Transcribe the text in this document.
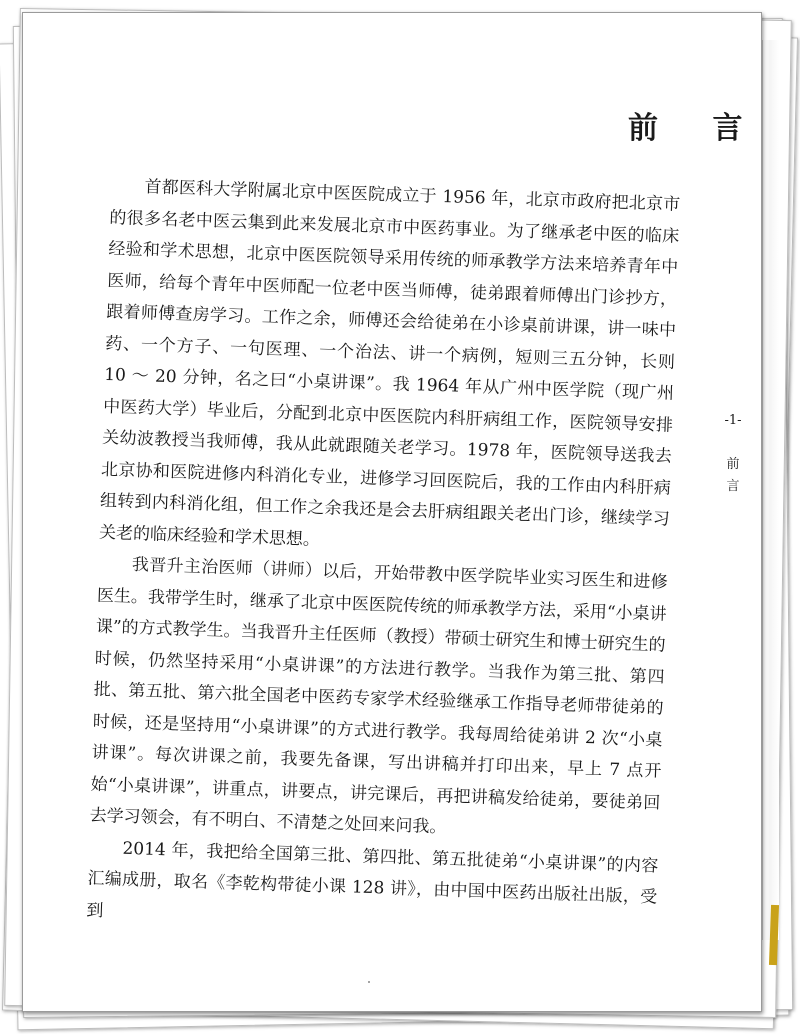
前 言

首都医科大学附属北京中医医院成立于 1956 年，北京市政府把北京市的很多名老中医云集到此来发展北京市中医药事业。为了继承老中医的临床经验和学术思想，北京中医医院领导采用传统的师承教学方法来培养青年中医师，给每个青年中医师配一位老中医当师傅，徒弟跟着师傅出门诊抄方，跟着师傅查房学习。工作之余，师傅还会给徒弟在小诊桌前讲课，讲一味中药、一个方子、一句医理、一个治法、讲一个病例，短则三五分钟，长则 10 ～ 20 分钟，名之曰“小桌讲课”。我 1964 年从广州中医学院（现广州中医药大学）毕业后，分配到北京中医医院内科肝病组工作，医院领导安排关幼波教授当我师傅，我从此就跟随关老学习。1978 年，医院领导送我去北京协和医院进修内科消化专业，进修学习回医院后，我的工作由内科肝病组转到内科消化组，但工作之余我还是会去肝病组跟关老出门诊，继续学习关老的临床经验和学术思想。

我晋升主治医师（讲师）以后，开始带教中医学院毕业实习医生和进修医生。我带学生时，继承了北京中医医院传统的师承教学方法，采用“小桌讲课”的方式教学生。当我晋升主任医师（教授）带硕士研究生和博士研究生的时候，仍然坚持采用“小桌讲课”的方法进行教学。当我作为第三批、第四批、第五批、第六批全国老中医药专家学术经验继承工作指导老师带徒弟的时候，还是坚持用“小桌讲课”的方式进行教学。我每周给徒弟讲 2 次“小桌讲课”。每次讲课之前，我要先备课，写出讲稿并打印出来，早上 7 点开始“小桌讲课”，讲重点，讲要点，讲完课后，再把讲稿发给徒弟，要徒弟回去学习领会，有不明白、不清楚之处回来问我。

2014 年，我把给全国第三批、第四批、第五批徒弟“小桌讲课”的内容汇编成册，取名《李乾构带徒小课 128 讲》，由中国中医药出版社出版，受到

-1-
前
言
